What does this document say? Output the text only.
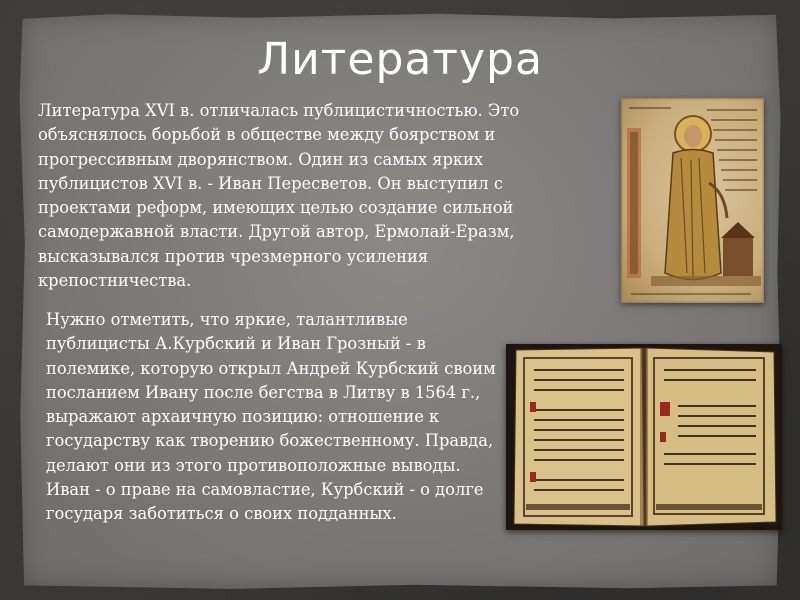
Литература
Литература XVI в. отличалась публицистичностью. Это объяснялось борьбой в обществе между боярством и прогрессивным дворянством. Один из самых ярких публицистов XVI в. - Иван Пересветов. Он выступил с проектами реформ, имеющих целью создание сильной самодержавной власти. Другой автор, Ермолай-Еразм, высказывался против чрезмерного усиления крепостничества.
Нужно отметить, что яркие, талантливые публицисты А.Курбский и Иван Грозный - в полемике, которую открыл Андрей Курбский своим посланием Ивану после бегства в Литву в 1564 г., выражают архаичную позицию: отношение к государству как творению божественному. Правда, делают они из этого противоположные выводы. Иван - о праве на самовластие, Курбский - о долге государя заботиться о своих подданных.
